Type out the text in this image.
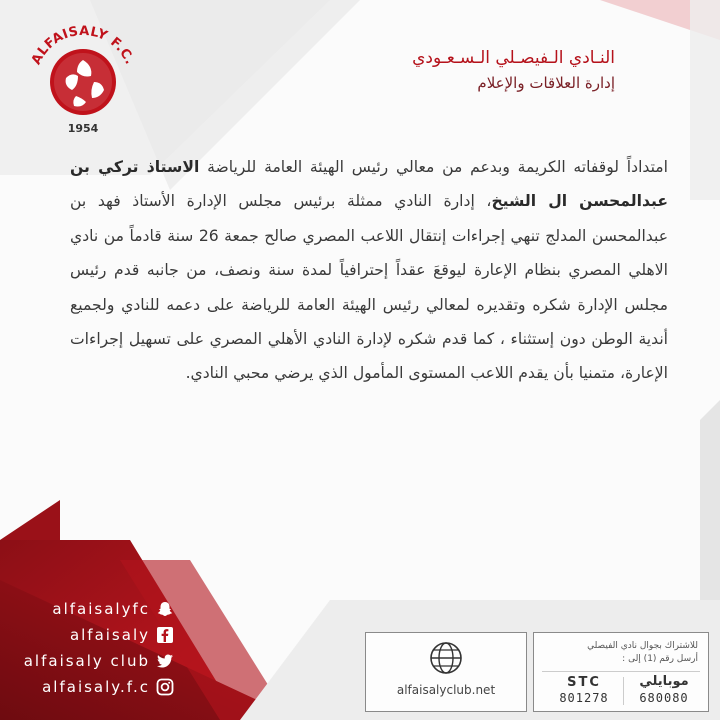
ALFAISALY F.C.
1954
النـادي الـفيصـلي الـسـعـودي
إدارة العلاقات والإعلام
امتداداً لوقفاته الكريمة وبدعم من معالي رئيس الهيئة العامة للرياضة الاستاذ تركي بن عبدالمحسن ال الشيخ، إدارة النادي ممثلة برئيس مجلس الإدارة الأستاذ فهد بن عبدالمحسن المدلج تنهي إجراءات إنتقال اللاعب المصري صالح جمعة 26 سنة قادماً من نادي الاهلي المصري بنظام الإعارة ليوقعَ عقداً إحترافياً لمدة سنة ونصف، من جانبه قدم رئيس مجلس الإدارة شكره وتقديره لمعالي رئيس الهيئة العامة للرياضة على دعمه للنادي ولجميع أندية الوطن دون إستثناء ، كما قدم شكره لإدارة النادي الأهلي المصري على تسهيل إجراءات الإعارة، متمنيا بأن يقدم اللاعب المستوى المأمول الذي يرضي محبي النادي.
alfaisalyfc
alfaisaly
alfaisaly club
alfaisaly.f.c	alfaisalyclub.net
للاشتراك بجوال نادي الفيصلي
أرسل رقم (1) إلى :
STC
801278
موبايلي
680080
